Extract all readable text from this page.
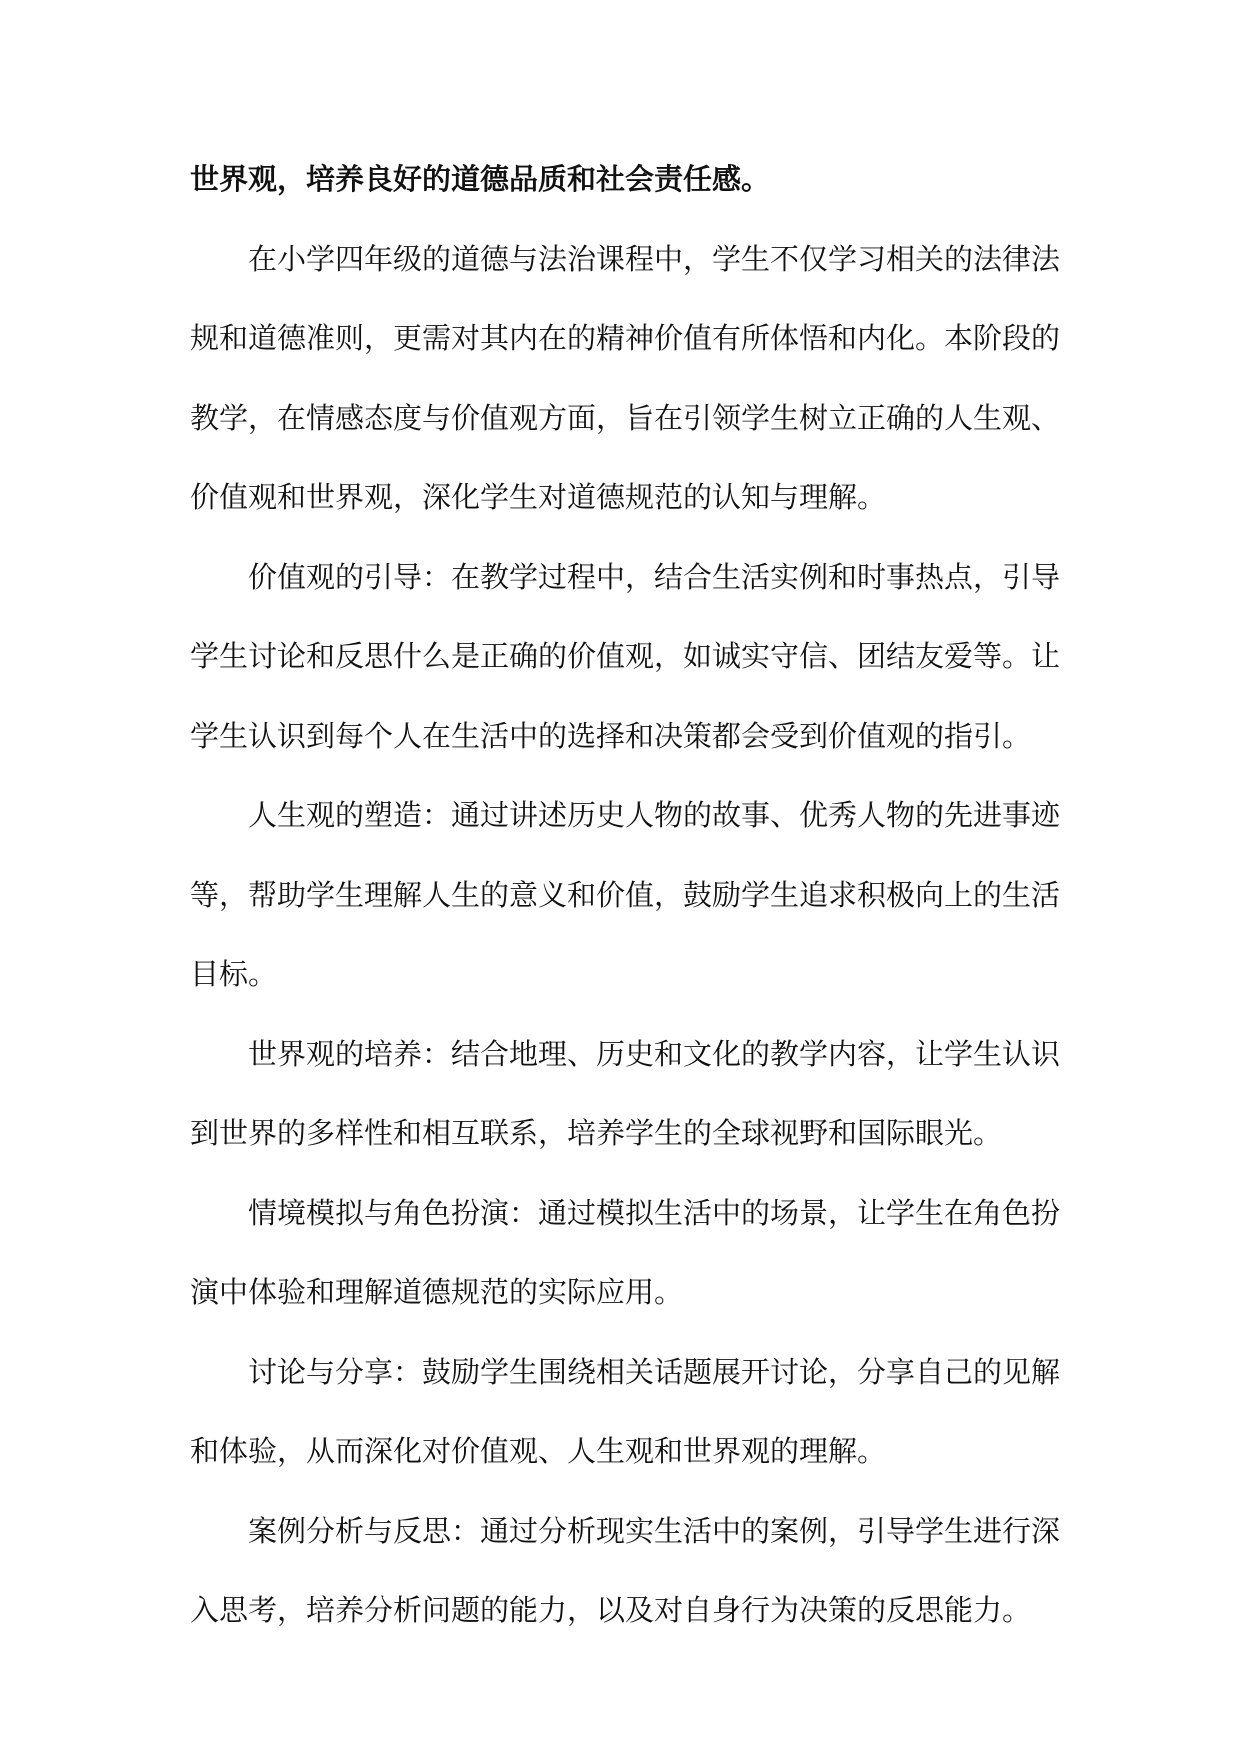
世界观，培养良好的道德品质和社会责任感。
在小学四年级的道德与法治课程中，学生不仅学习相关的法律法
规和道德准则，更需对其内在的精神价值有所体悟和内化。本阶段的
教学，在情感态度与价值观方面，旨在引领学生树立正确的人生观、
价值观和世界观，深化学生对道德规范的认知与理解。
价值观的引导：在教学过程中，结合生活实例和时事热点，引导
学生讨论和反思什么是正确的价值观，如诚实守信、团结友爱等。让
学生认识到每个人在生活中的选择和决策都会受到价值观的指引。
人生观的塑造：通过讲述历史人物的故事、优秀人物的先进事迹
等，帮助学生理解人生的意义和价值，鼓励学生追求积极向上的生活
目标。
世界观的培养：结合地理、历史和文化的教学内容，让学生认识
到世界的多样性和相互联系，培养学生的全球视野和国际眼光。
情境模拟与角色扮演：通过模拟生活中的场景，让学生在角色扮
演中体验和理解道德规范的实际应用。
讨论与分享：鼓励学生围绕相关话题展开讨论，分享自己的见解
和体验，从而深化对价值观、人生观和世界观的理解。
案例分析与反思：通过分析现实生活中的案例，引导学生进行深
入思考，培养分析问题的能力，以及对自身行为决策的反思能力。
